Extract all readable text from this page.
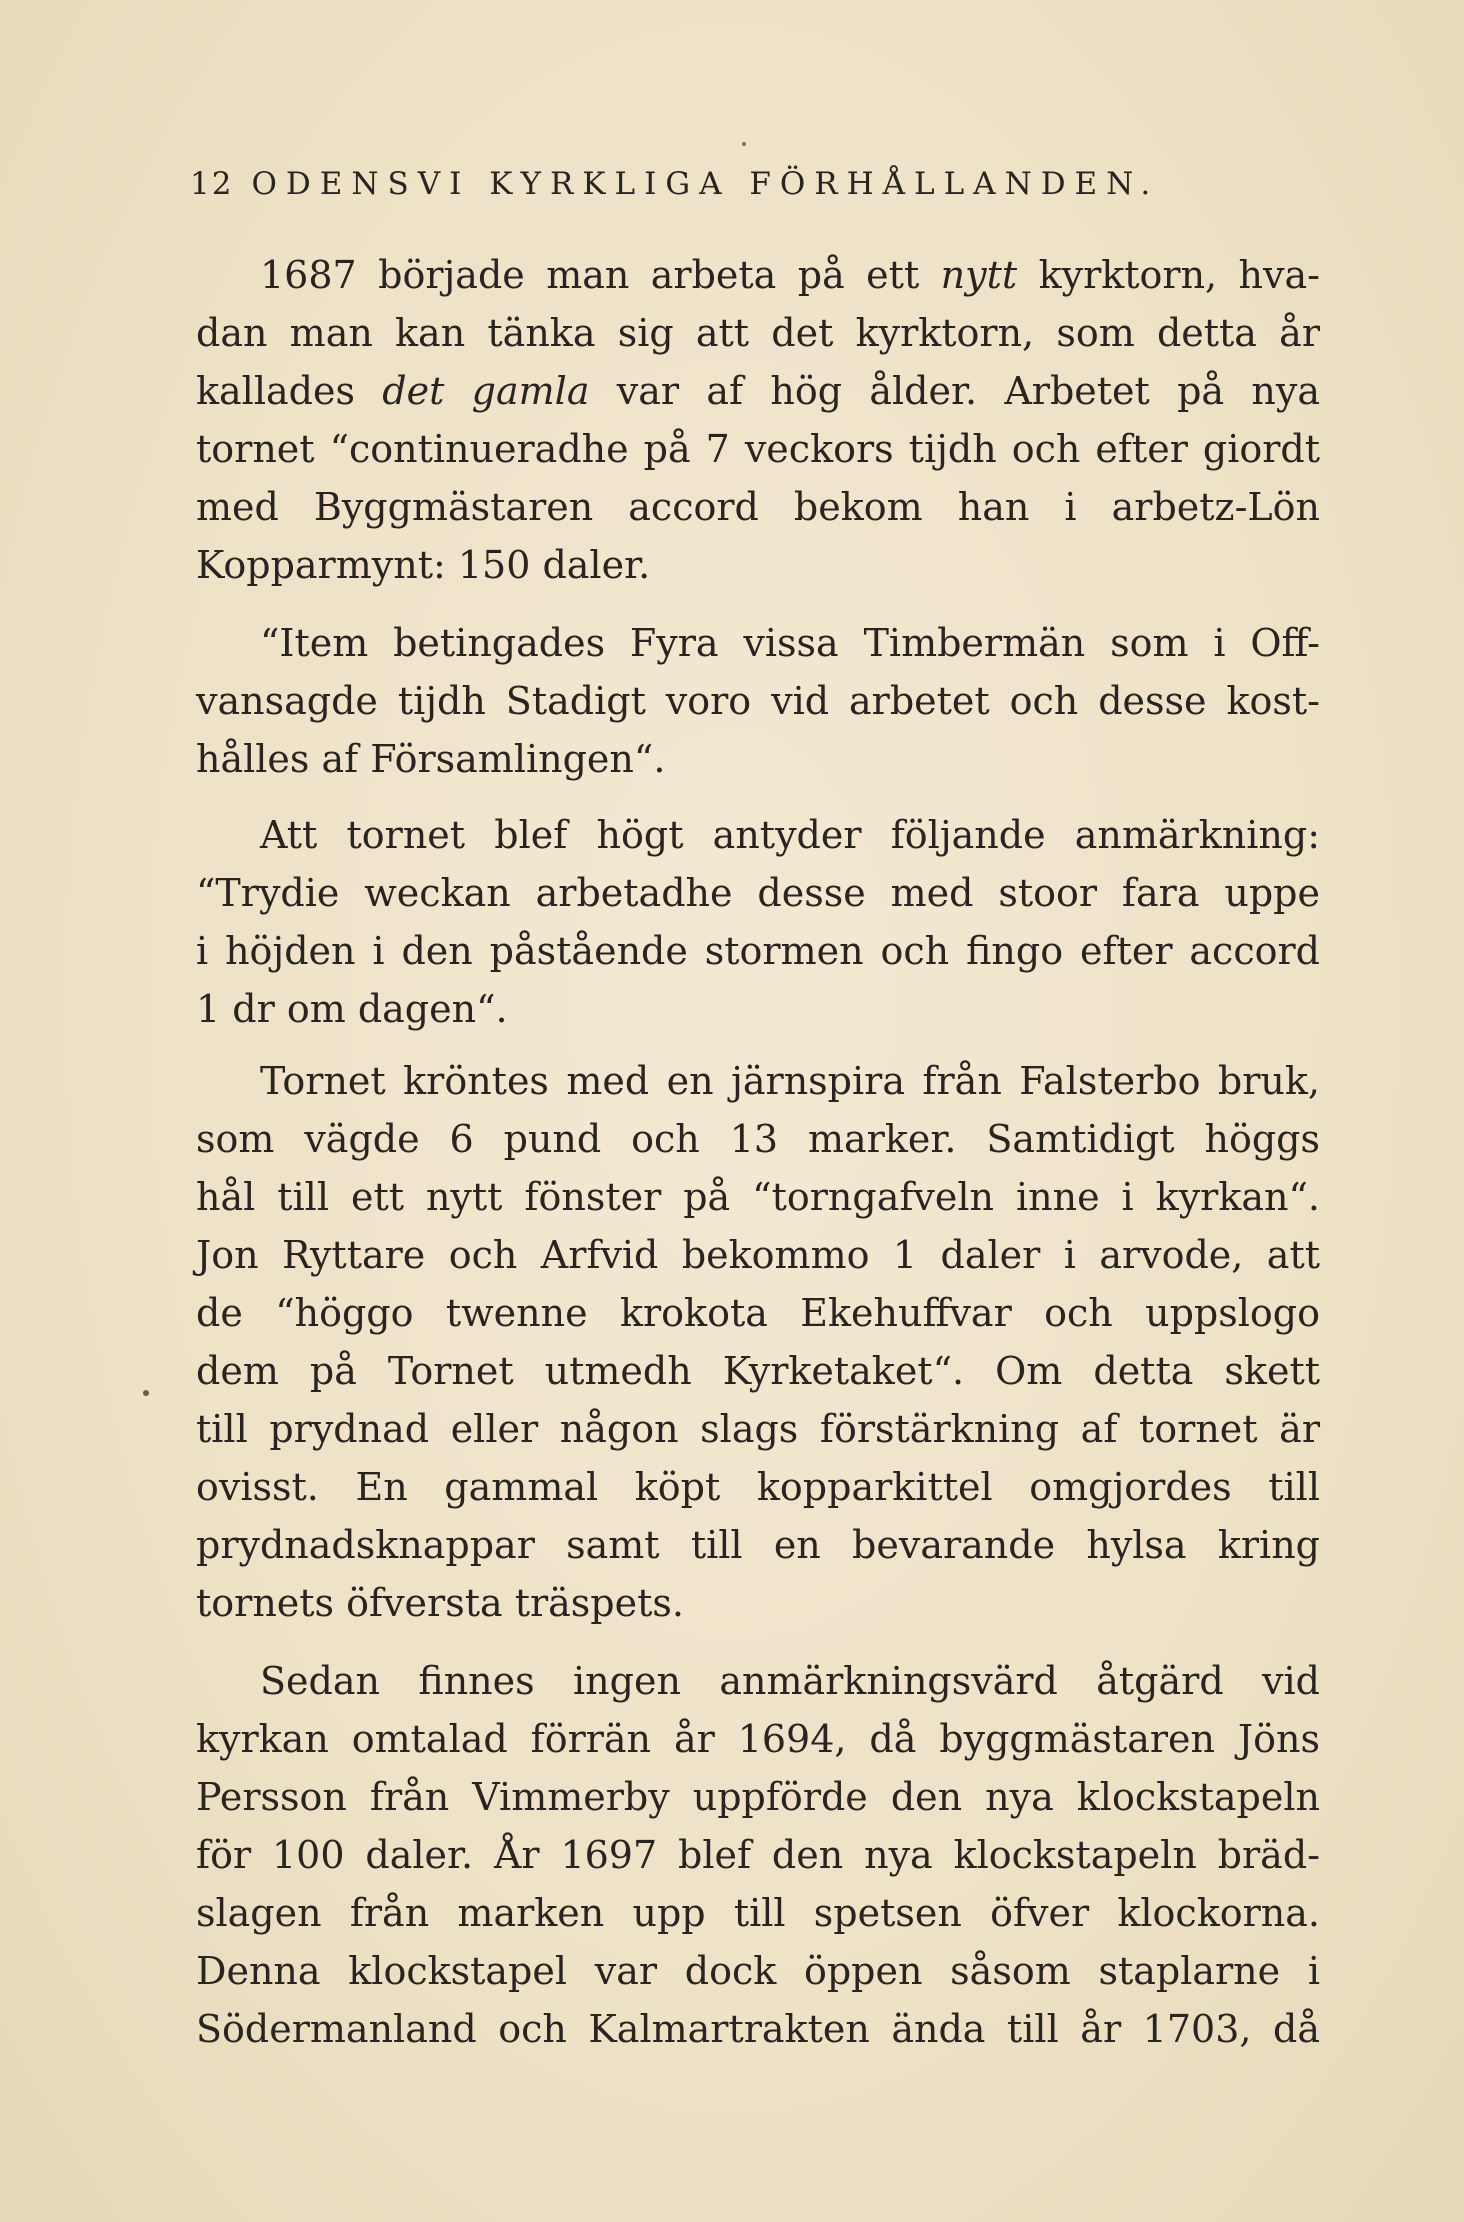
12 ODENSVI KYRKLIGA FÖRHÅLLANDEN.
1687 började man arbeta på ett nytt kyrktorn, hva-
dan man kan tänka sig att det kyrktorn, som detta år
kallades det gamla var af hög ålder. Arbetet på nya
tornet “continueradhe på 7 veckors tijdh och efter giordt
med Byggmästaren accord bekom han i arbetz-Lön
Kopparmynt: 150 daler.
“Item betingades Fyra vissa Timbermän som i Off-
vansagde tijdh Stadigt voro vid arbetet och desse kost-
hålles af Församlingen“.
Att tornet blef högt antyder följande anmärkning:
“Trydie weckan arbetadhe desse med stoor fara uppe
i höjden i den påstående stormen och fingo efter accord
1 dr om dagen“.
Tornet kröntes med en järnspira från Falsterbo bruk,
som vägde 6 pund och 13 marker. Samtidigt höggs
hål till ett nytt fönster på “torngafveln inne i kyrkan“.
Jon Ryttare och Arfvid bekommo 1 daler i arvode, att
de “höggo twenne krokota Ekehuffvar och uppslogo
dem på Tornet utmedh Kyrketaket“. Om detta skett
till prydnad eller någon slags förstärkning af tornet är
ovisst. En gammal köpt kopparkittel omgjordes till
prydnadsknappar samt till en bevarande hylsa kring
tornets öfversta träspets.
Sedan finnes ingen anmärkningsvärd åtgärd vid
kyrkan omtalad förrän år 1694, då byggmästaren Jöns
Persson från Vimmerby uppförde den nya klockstapeln
för 100 daler. År 1697 blef den nya klockstapeln bräd-
slagen från marken upp till spetsen öfver klockorna.
Denna klockstapel var dock öppen såsom staplarne i
Södermanland och Kalmartrakten ända till år 1703, då
